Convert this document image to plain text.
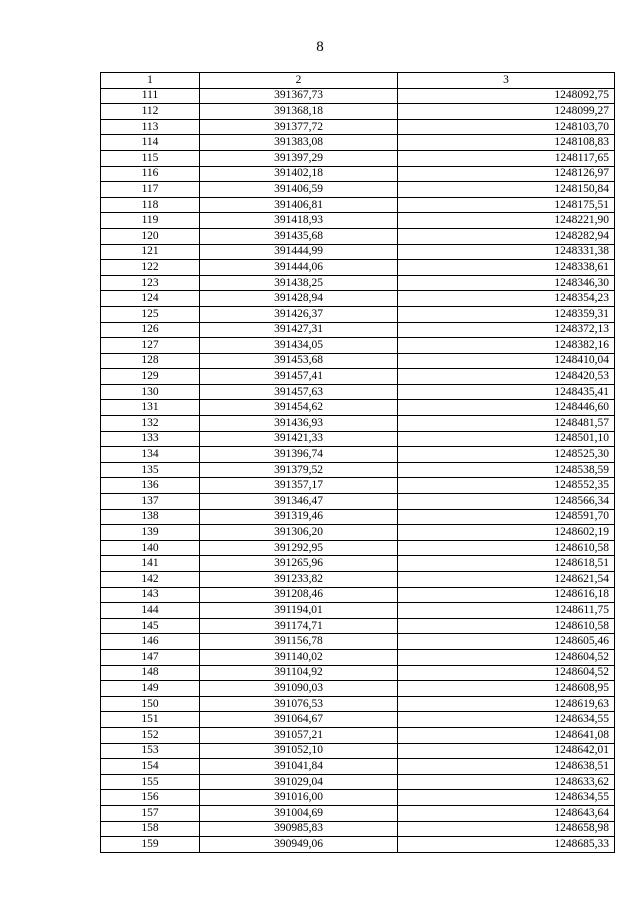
8
1	2	3
111	391367,73	1248092,75
112	391368,18	1248099,27
113	391377,72	1248103,70
114	391383,08	1248108,83
115	391397,29	1248117,65
116	391402,18	1248126,97
117	391406,59	1248150,84
118	391406,81	1248175,51
119	391418,93	1248221,90
120	391435,68	1248282,94
121	391444,99	1248331,38
122	391444,06	1248338,61
123	391438,25	1248346,30
124	391428,94	1248354,23
125	391426,37	1248359,31
126	391427,31	1248372,13
127	391434,05	1248382,16
128	391453,68	1248410,04
129	391457,41	1248420,53
130	391457,63	1248435,41
131	391454,62	1248446,60
132	391436,93	1248481,57
133	391421,33	1248501,10
134	391396,74	1248525,30
135	391379,52	1248538,59
136	391357,17	1248552,35
137	391346,47	1248566,34
138	391319,46	1248591,70
139	391306,20	1248602,19
140	391292,95	1248610,58
141	391265,96	1248618,51
142	391233,82	1248621,54
143	391208,46	1248616,18
144	391194,01	1248611,75
145	391174,71	1248610,58
146	391156,78	1248605,46
147	391140,02	1248604,52
148	391104,92	1248604,52
149	391090,03	1248608,95
150	391076,53	1248619,63
151	391064,67	1248634,55
152	391057,21	1248641,08
153	391052,10	1248642,01
154	391041,84	1248638,51
155	391029,04	1248633,62
156	391016,00	1248634,55
157	391004,69	1248643,64
158	390985,83	1248658,98
159	390949,06	1248685,33
